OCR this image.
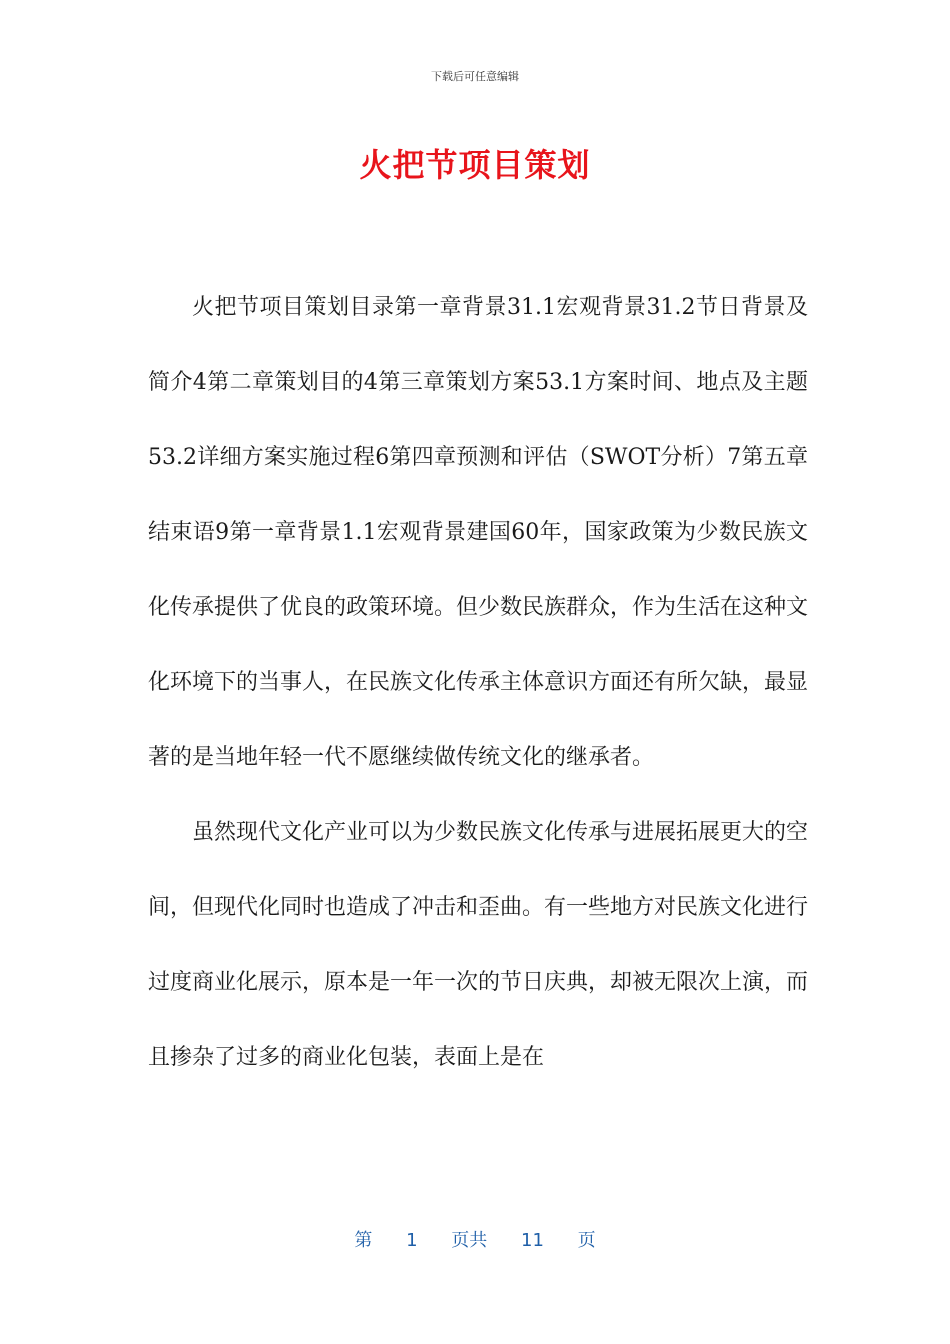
下载后可任意编辑
火把节项目策划

火把节项目策划目录第一章背景31.1宏观背景31.2节日背景及简介4第二章策划目的4第三章策划方案53.1方案时间、地点及主题53.2详细方案实施过程6第四章预测和评估（SWOT分析）7第五章结束语9第一章背景1.1宏观背景建国60年，国家政策为少数民族文化传承提供了优良的政策环境。但少数民族群众，作为生活在这种文化环境下的当事人，在民族文化传承主体意识方面还有所欠缺，最显著的是当地年轻一代不愿继续做传统文化的继承者。

虽然现代文化产业可以为少数民族文化传承与进展拓展更大的空间，但现代化同时也造成了冲击和歪曲。有一些地方对民族文化进行过度商业化展示，原本是一年一次的节日庆典，却被无限次上演，而且掺杂了过多的商业化包装，表面上是在

第 1 页共 11 页
